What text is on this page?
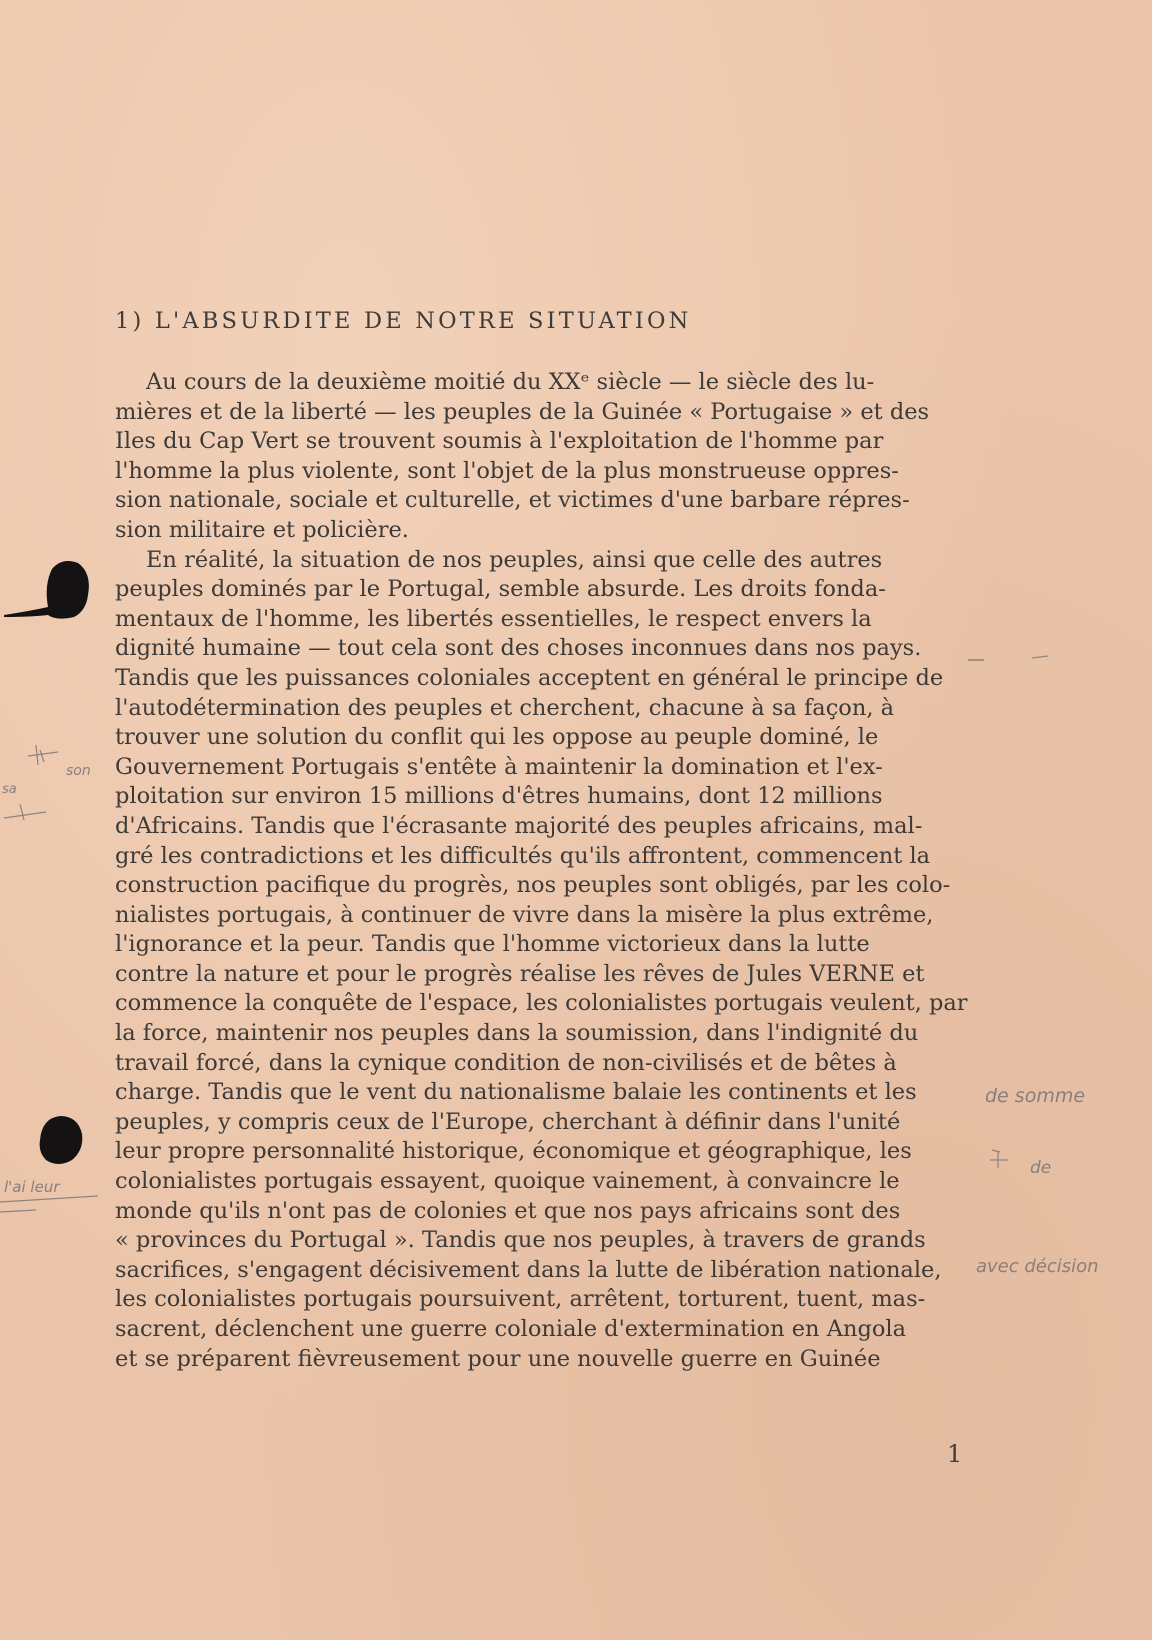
1) L'ABSURDITE DE NOTRE SITUATION
Au cours de la deuxième moitié du XXᵉ siècle — le siècle des lu-
mières et de la liberté — les peuples de la Guinée « Portugaise » et des
Iles du Cap Vert se trouvent soumis à l'exploitation de l'homme par
l'homme la plus violente, sont l'objet de la plus monstrueuse oppres-
sion nationale, sociale et culturelle, et victimes d'une barbare répres-
sion militaire et policière.
En réalité, la situation de nos peuples, ainsi que celle des autres
peuples dominés par le Portugal, semble absurde. Les droits fonda-
mentaux de l'homme, les libertés essentielles, le respect envers la
dignité humaine — tout cela sont des choses inconnues dans nos pays.
Tandis que les puissances coloniales acceptent en général le principe de
l'autodétermination des peuples et cherchent, chacune à sa façon, à
trouver une solution du conflit qui les oppose au peuple dominé, le
Gouvernement Portugais s'entête à maintenir la domination et l'ex-
ploitation sur environ 15 millions d'êtres humains, dont 12 millions
d'Africains. Tandis que l'écrasante majorité des peuples africains, mal-
gré les contradictions et les difficultés qu'ils affrontent, commencent la
construction pacifique du progrès, nos peuples sont obligés, par les colo-
nialistes portugais, à continuer de vivre dans la misère la plus extrême,
l'ignorance et la peur. Tandis que l'homme victorieux dans la lutte
contre la nature et pour le progrès réalise les rêves de Jules VERNE et
commence la conquête de l'espace, les colonialistes portugais veulent, par
la force, maintenir nos peuples dans la soumission, dans l'indignité du
travail forcé, dans la cynique condition de non-civilisés et de bêtes à
charge. Tandis que le vent du nationalisme balaie les continents et les
peuples, y compris ceux de l'Europe, cherchant à définir dans l'unité
leur propre personnalité historique, économique et géographique, les
colonialistes portugais essayent, quoique vainement, à convaincre le
monde qu'ils n'ont pas de colonies et que nos pays africains sont des
« provinces du Portugal ». Tandis que nos peuples, à travers de grands
sacrifices, s'engagent décisivement dans la lutte de libération nationale,
les colonialistes portugais poursuivent, arrêtent, torturent, tuent, mas-
sacrent, déclenchent une guerre coloniale d'extermination en Angola
et se préparent fièvreusement pour une nouvelle guerre en Guinée
de somme
de
avec décision
son
sa
l'ai leur
1
